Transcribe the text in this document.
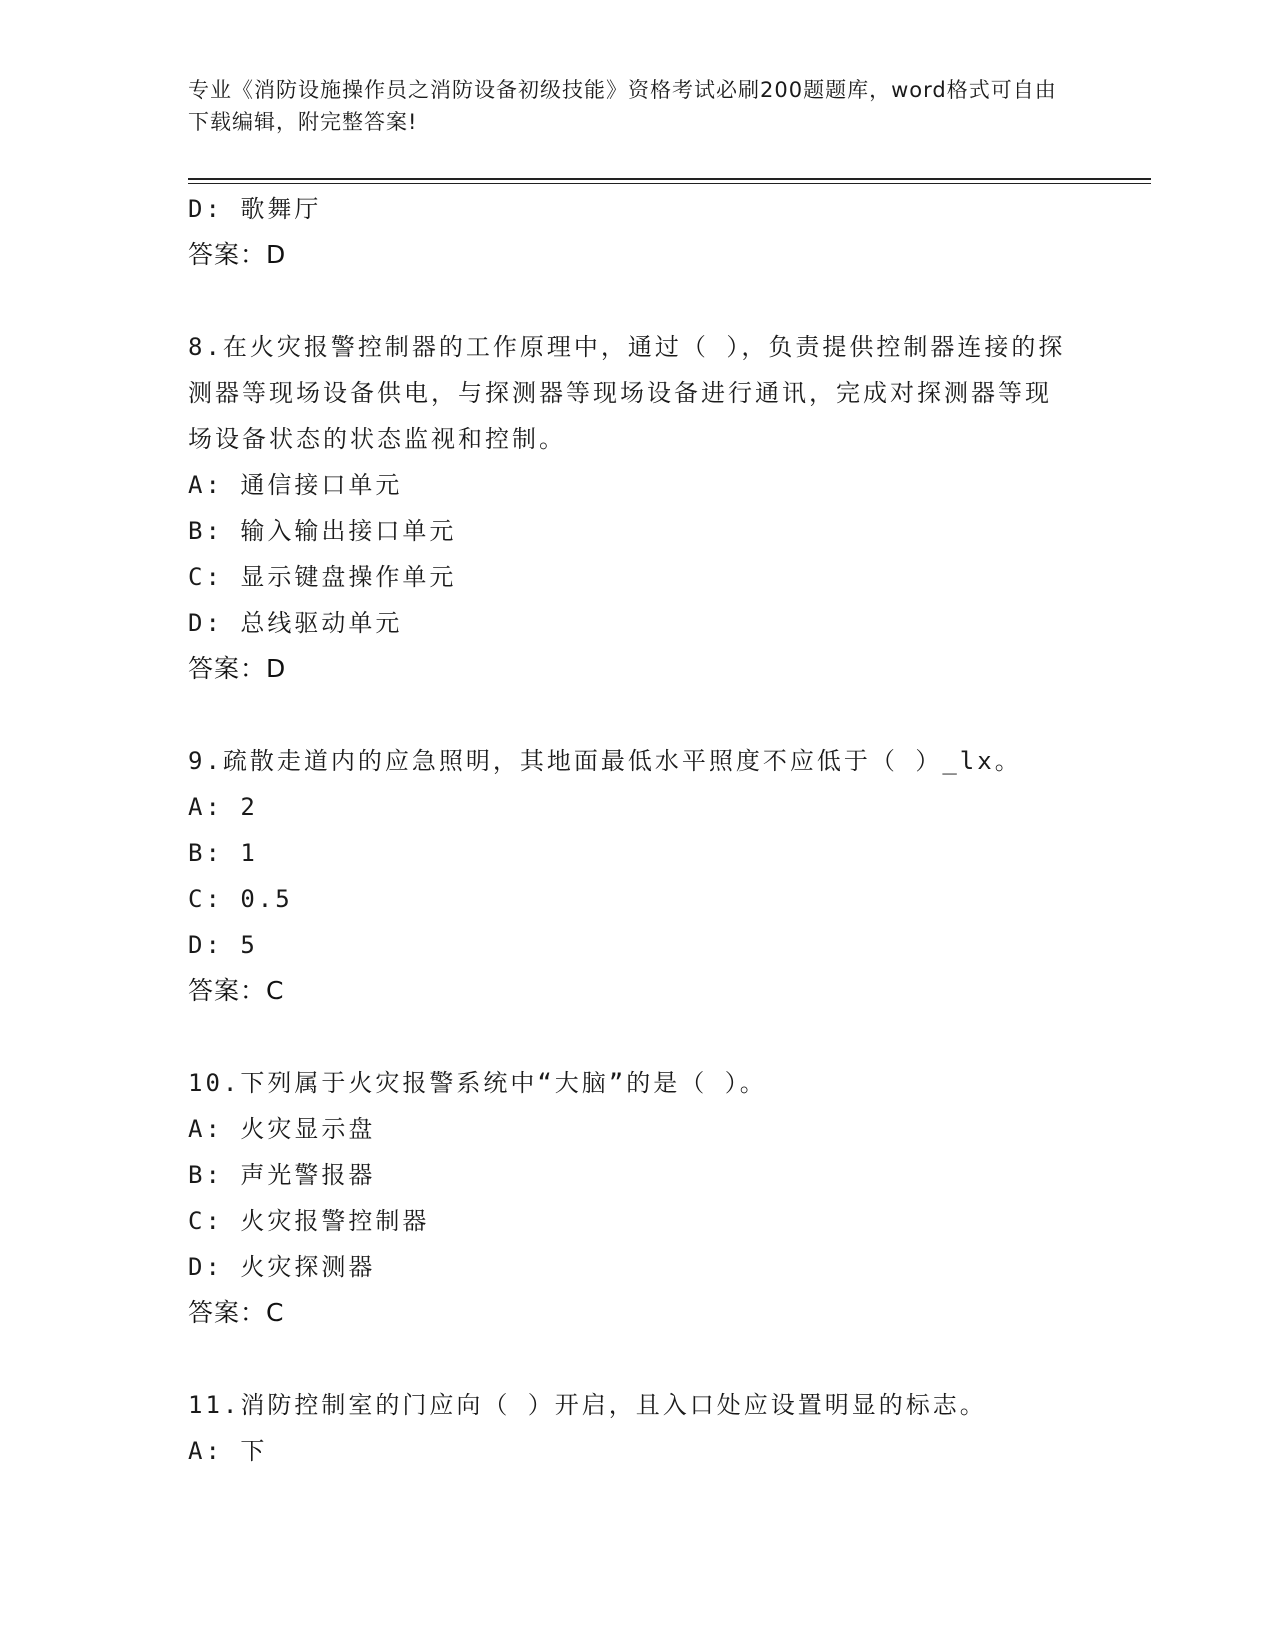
专业《消防设施操作员之消防设备初级技能》资格考试必刷200题题库，word格式可自由下载编辑，附完整答案!
D: 歌舞厅
答案：D
8.在火灾报警控制器的工作原理中，通过（ ），负责提供控制器连接的探测器等现场设备供电，与探测器等现场设备进行通讯，完成对探测器等现场设备状态的状态监视和控制。
A: 通信接口单元
B: 输入输出接口单元
C: 显示键盘操作单元
D: 总线驱动单元
答案：D
9.疏散走道内的应急照明，其地面最低水平照度不应低于（ ）_lx。
A: 2
B: 1
C: 0.5
D: 5
答案：C
10.下列属于火灾报警系统中“大脑”的是（ ）。
A: 火灾显示盘
B: 声光警报器
C: 火灾报警控制器
D: 火灾探测器
答案：C
11.消防控制室的门应向（ ）开启，且入口处应设置明显的标志。
A: 下
